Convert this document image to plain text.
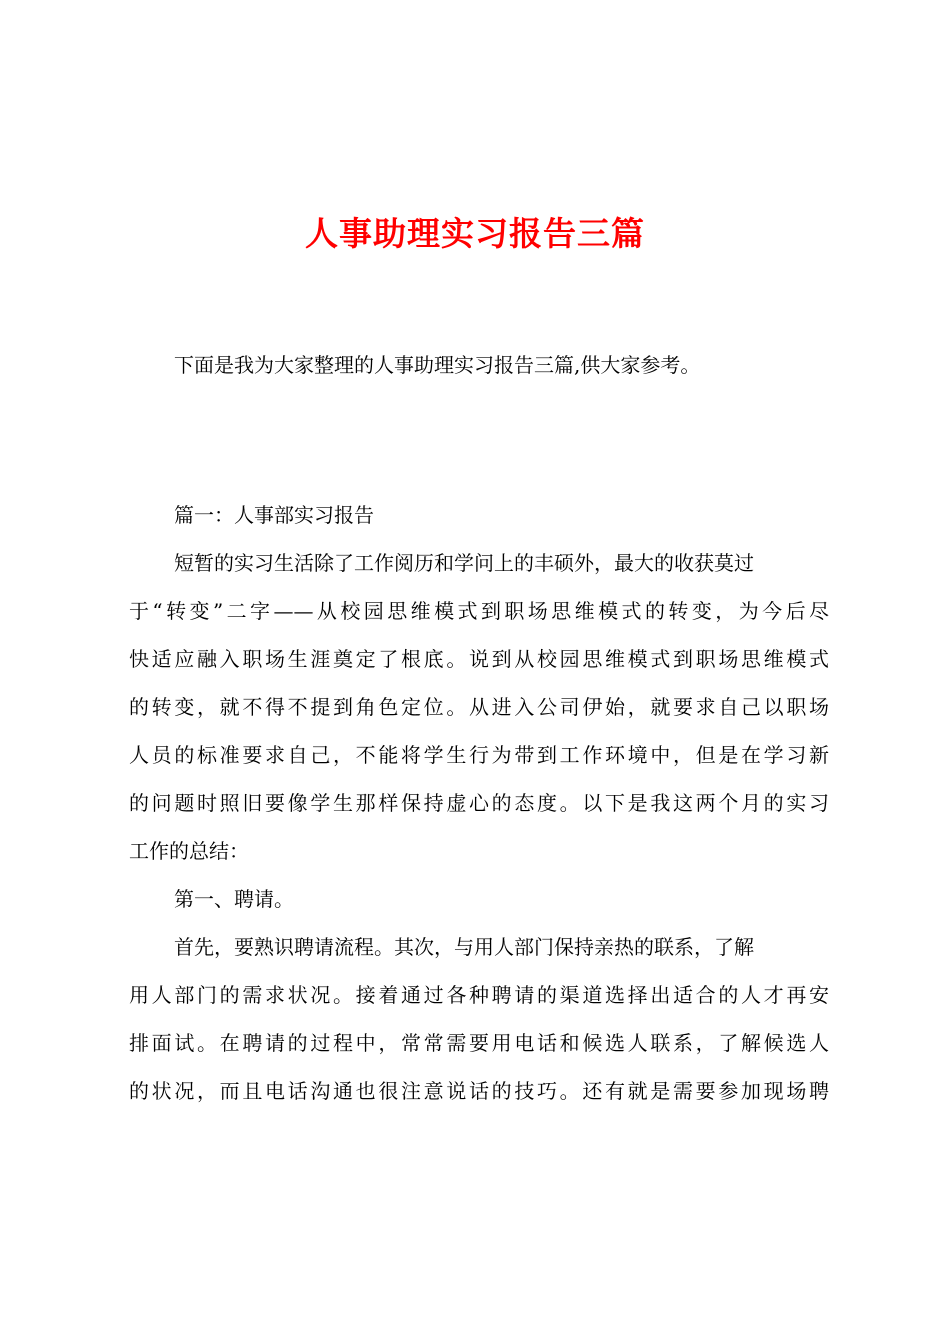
人事助理实习报告三篇
下面是我为大家整理的人事助理实习报告三篇,供大家参考。
篇一：人事部实习报告
短暂的实习生活除了工作阅历和学问上的丰硕外，最大的收获莫过
于“转变”二字——从校园思维模式到职场思维模式的转变，为今后尽
快适应融入职场生涯奠定了根底。说到从校园思维模式到职场思维模式
的转变，就不得不提到角色定位。从进入公司伊始，就要求自己以职场
人员的标准要求自己，不能将学生行为带到工作环境中，但是在学习新
的问题时照旧要像学生那样保持虚心的态度。以下是我这两个月的实习
工作的总结：
第一、聘请。
首先，要熟识聘请流程。其次，与用人部门保持亲热的联系，了解
用人部门的需求状况。接着通过各种聘请的渠道选择出适合的人才再安
排面试。在聘请的过程中，常常需要用电话和候选人联系，了解候选人
的状况，而且电话沟通也很注意说话的技巧。还有就是需要参加现场聘
